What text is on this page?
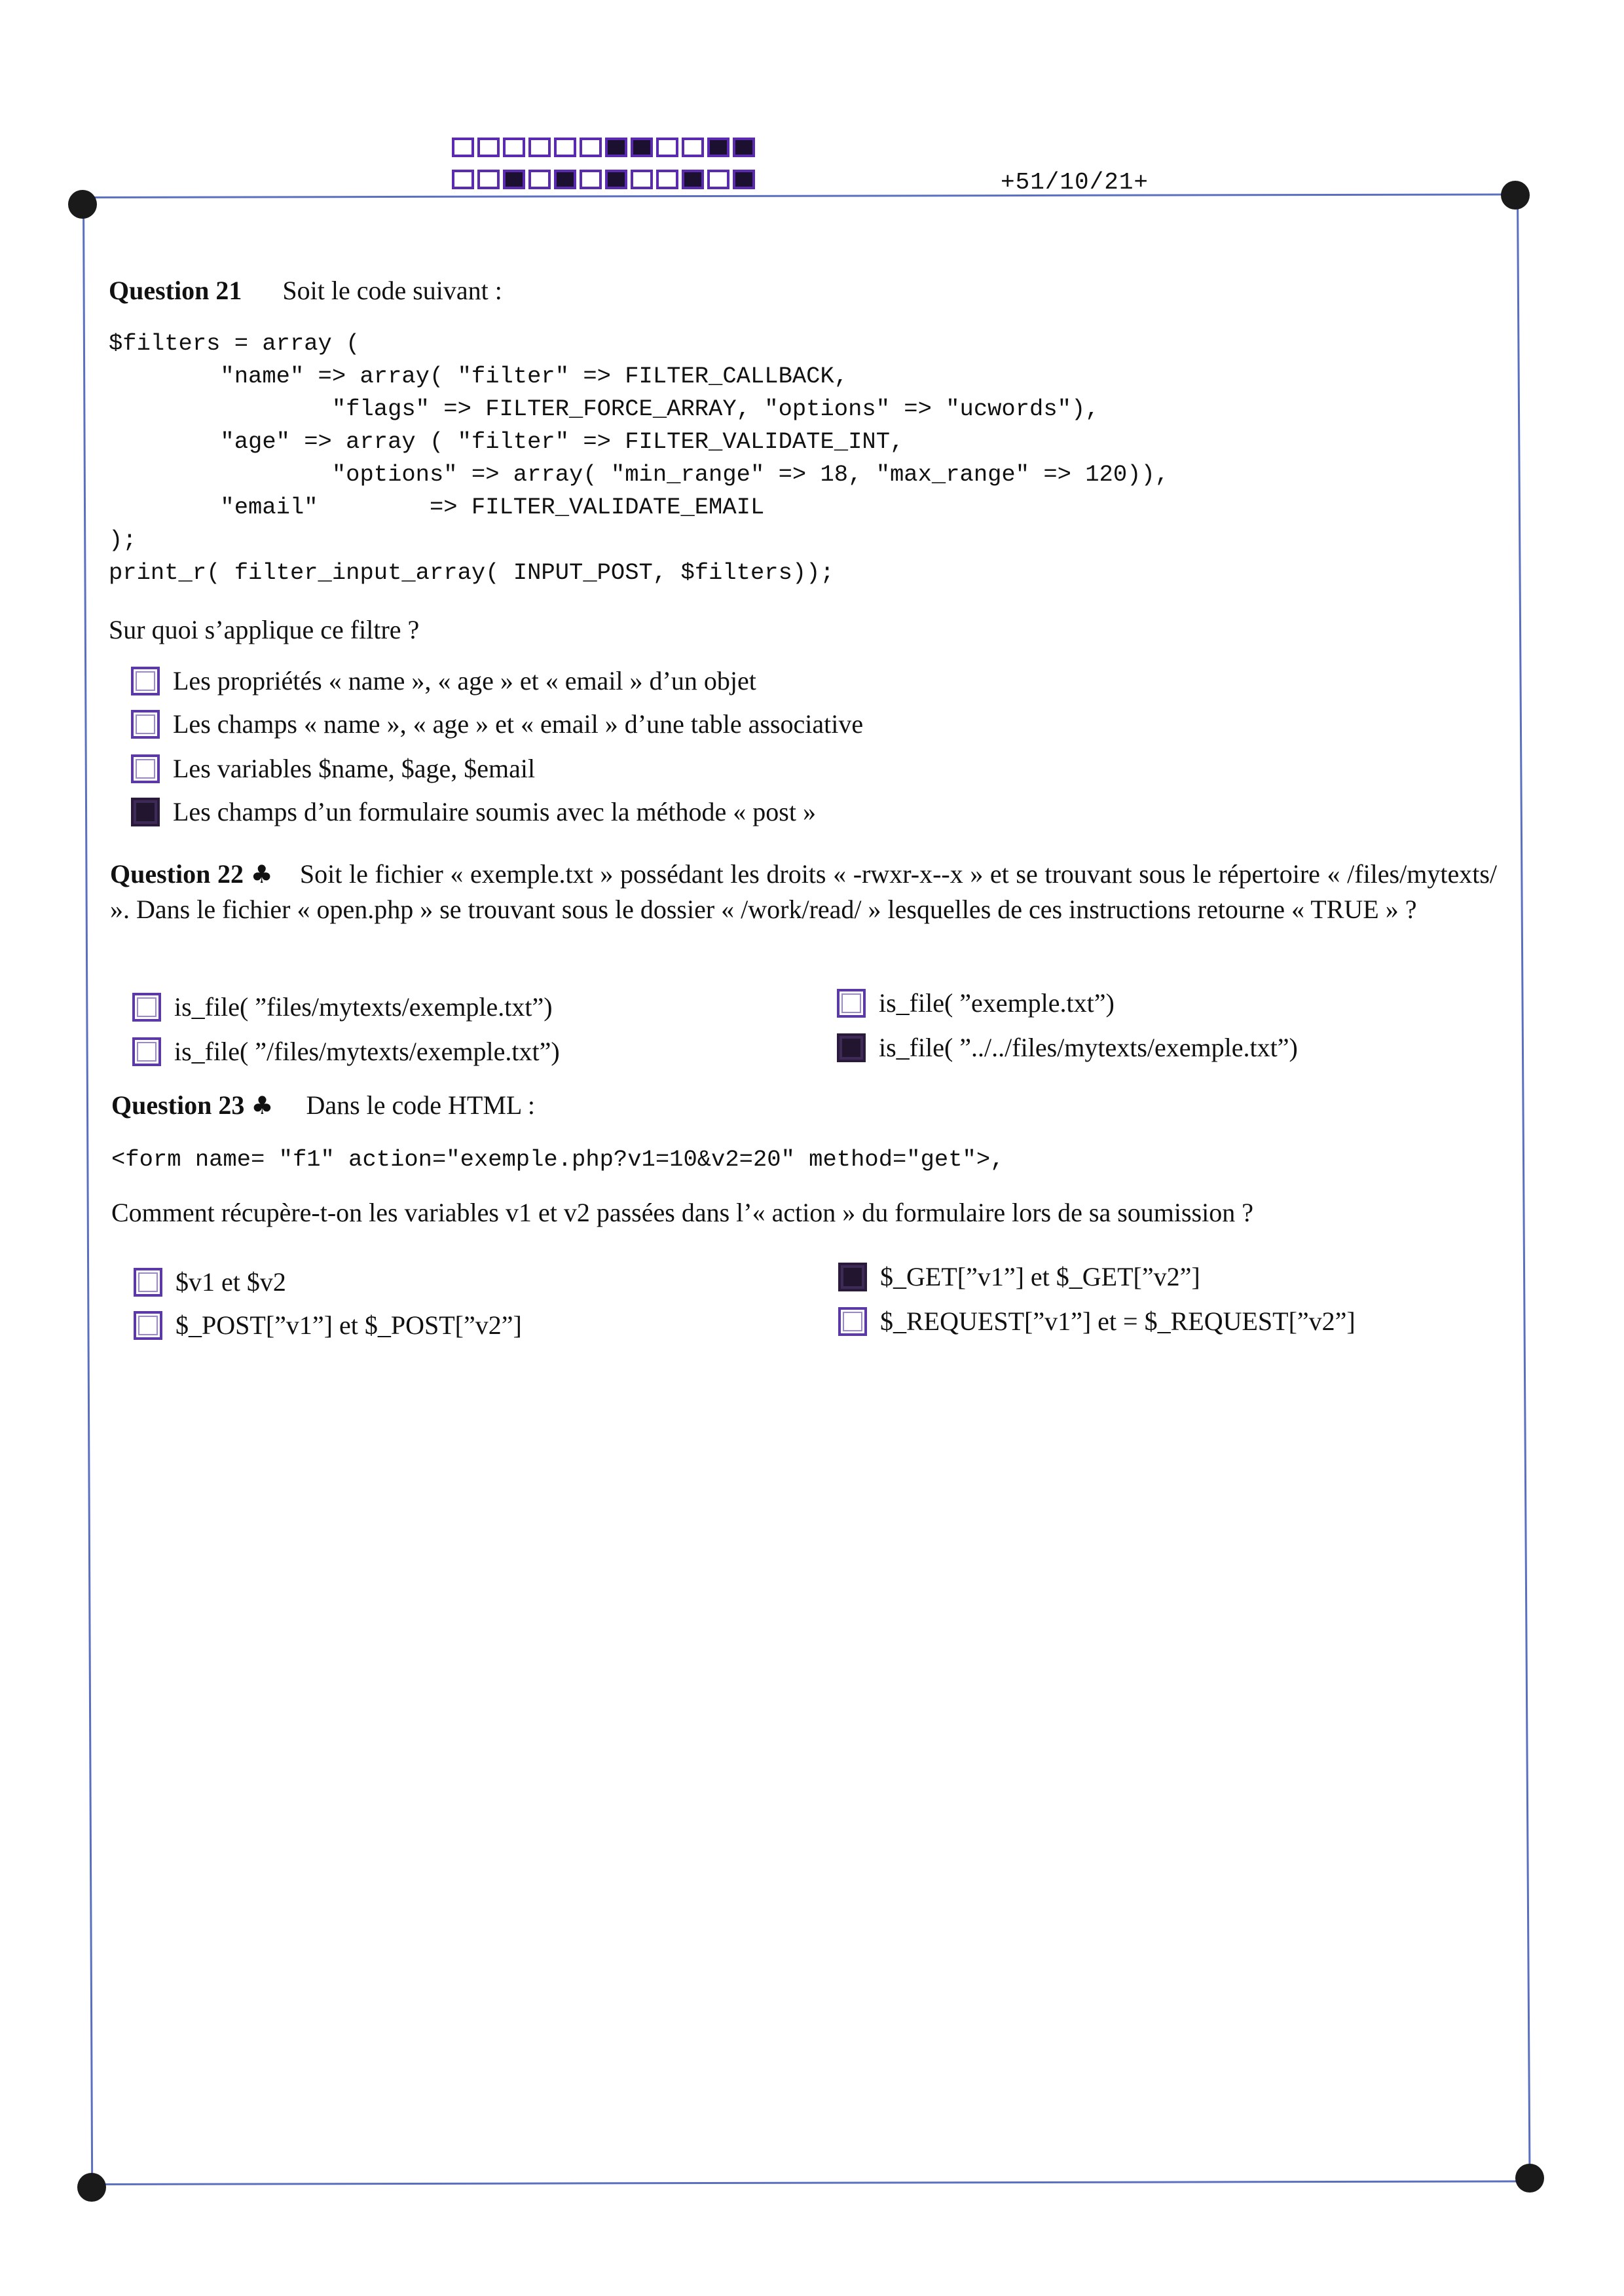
+51/10/21+
Question 21 Soit le code suivant :
$filters = array (
"name" => array( "filter" => FILTER_CALLBACK,
"flags" => FILTER_FORCE_ARRAY, "options" => "ucwords"),
"age" => array ( "filter" => FILTER_VALIDATE_INT,
"options" => array( "min_range" => 18, "max_range" => 120)),
"email"        => FILTER_VALIDATE_EMAIL
);
print_r( filter_input_array( INPUT_POST, $filters));
Sur quoi s’applique ce filtre ?
Les propriétés « name », « age » et « email » d’un objet
Les champs « name », « age » et « email » d’une table associative
Les variables $name, $age, $email
Les champs d’un formulaire soumis avec la méthode « post »
Question 22 ♣ Soit le fichier « exemple.txt » possédant les droits « -rwxr-x--x » et se trouvant sous le répertoire « /files/mytexts/ ». Dans le fichier « open.php » se trouvant sous le dossier « /work/read/ » lesquelles de ces instructions retourne « TRUE » ?
is_file( ”files/mytexts/exemple.txt”)
is_file( ”/files/mytexts/exemple.txt”)
is_file( ”exemple.txt”)
is_file( ”../../files/mytexts/exemple.txt”)
Question 23 ♣ Dans le code HTML :
<form name= "f1" action="exemple.php?v1=10&v2=20" method="get">,
Comment récupère-t-on les variables v1 et v2 passées dans l’« action » du formulaire lors de sa soumission ?
$v1 et $v2
$_POST[”v1”] et $_POST[”v2”]
$_GET[”v1”] et $_GET[”v2”]
$_REQUEST[”v1”] et = $_REQUEST[”v2”]
